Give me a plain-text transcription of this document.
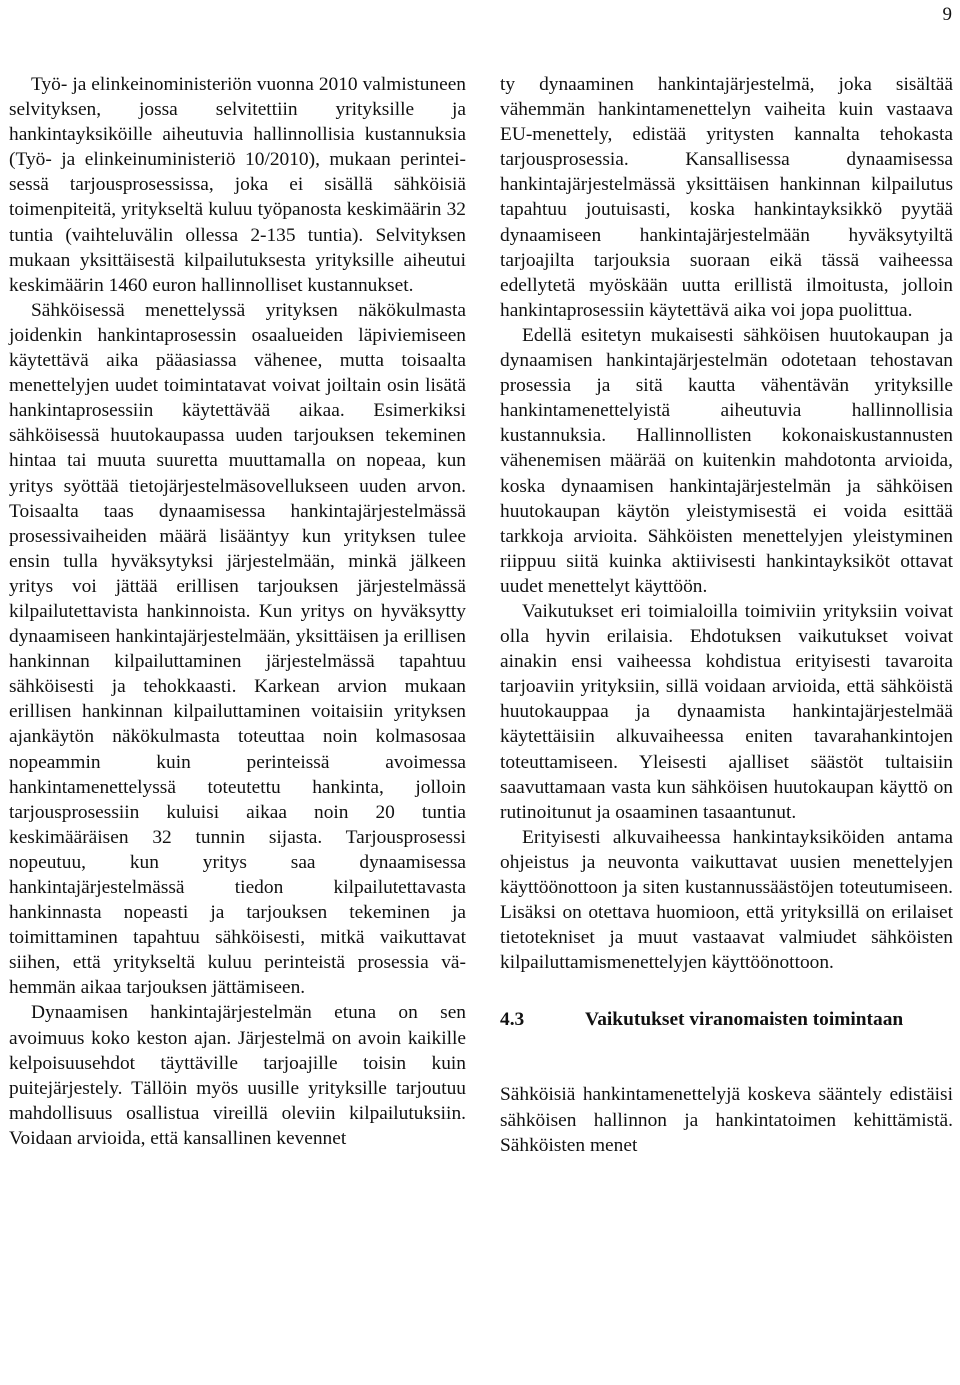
9

Työ- ja elinkeinoministeriön vuonna 2010 valmistuneen selvityksen, jossa selvitettiin yrityksille ja hankintayksiköille aiheutuvia hallinnollisia kustannuksia (Työ- ja elinkeinuministeriö 10/2010), mukaan perinteisessä tarjousprosessissa, joka ei sisällä sähköisiä toimenpiteitä, yritykseltä kuluu työpanosta keskimäärin 32 tuntia (vaihteluvälin ollessa 2-135 tuntia). Selvityksen mukaan yksittäisestä kilpailutuksesta yrityksille aiheutui keskimäärin 1460 euron hallinnolliset kustannukset.

Sähköisessä menettelyssä yrityksen näkökulmasta joidenkin hankintaprosessin osaalueiden läpiviemiseen käytettävä aika pääasiassa vähenee, mutta toisaalta menettelyjen uudet toimintatavat voivat joiltain osin lisätä hankintaprosessiin käytettävää aikaa. Esimerkiksi sähköisessä huutokaupassa uuden tarjouksen tekeminen hintaa tai muuta suuretta muuttamalla on nopeaa, kun yritys syöttää tietojärjestelmäsovellukseen uuden arvon. Toisaalta taas dynaamisessa hankintajärjestelmässä prosessivaiheiden määrä lisääntyy kun yrityksen tulee ensin tulla hyväksytyksi järjestelmään, minkä jälkeen yritys voi jättää erillisen tarjouksen järjestelmässä kilpailutettavista hankinnoista. Kun yritys on hyväksytty dynaamiseen hankintajärjestelmään, yksittäisen ja erillisen hankinnan kilpailuttaminen järjestelmässä tapahtuu sähköisesti ja tehokkaasti. Karkean arvion mukaan erillisen hankinnan kilpailuttaminen voitaisiin yrityksen ajankäytön näkökulmasta toteuttaa noin kolmasosaa nopeammin kuin perinteissä avoimessa hankintamenettelyssä toteutettu hankinta, jolloin tarjousprosessiin kuluisi aikaa noin 20 tuntia keskimääräisen 32 tunnin sijasta. Tarjousprosessi nopeutuu, kun yritys saa dynaamisessa hankintajärjestelmässä tiedon kilpailutettavasta hankinnasta nopeasti ja tarjouksen tekeminen ja toimittaminen tapahtuu sähköisesti, mitkä vaikuttavat siihen, että yritykseltä kuluu perinteistä prosessia vähemmän aikaa tarjouksen jättämiseen.

Dynaamisen hankintajärjestelmän etuna on sen avoimuus koko keston ajan. Järjestelmä on avoin kaikille kelpoisuusehdot täyttäville tarjoajille toisin kuin puitejärjestely. Tällöin myös uusille yrityksille tarjoutuu mahdollisuus osallistua vireillä oleviin kilpailutuksiin. Voidaan arvioida, että kansallinen kevennet

ty dynaaminen hankintajärjestelmä, joka sisältää vähemmän hankintamenettelyn vaiheita kuin vastaava EU-menettely, edistää yritysten kannalta tehokasta tarjousprosessia. Kansallisessa dynaamisessa hankintajärjestelmässä yksittäisen hankinnan kilpailutus tapahtuu joutuisasti, koska hankintayksikkö pyytää dynaamiseen hankintajärjestelmään hyväksytyiltä tarjoajilta tarjouksia suoraan eikä tässä vaiheessa edellytetä myöskään uutta erillistä ilmoitusta, jolloin hankintaprosessiin käytettävä aika voi jopa puolittua.

Edellä esitetyn mukaisesti sähköisen huutokaupan ja dynaamisen hankintajärjestelmän odotetaan tehostavan prosessia ja sitä kautta vähentävän yrityksille hankintamenettelyistä aiheutuvia hallinnollisia kustannuksia. Hallinnollisten kokonaiskustannusten vähenemisen määrää on kuitenkin mahdotonta arvioida, koska dynaamisen hankintajärjestelmän ja sähköisen huutokaupan käytön yleistymisestä ei voida esittää tarkkoja arvioita. Sähköisten menettelyjen yleistyminen riippuu siitä kuinka aktiivisesti hankintayksiköt ottavat uudet menettelyt käyttöön.

Vaikutukset eri toimialoilla toimiviin yrityksiin voivat olla hyvin erilaisia. Ehdotuksen vaikutukset voivat ainakin ensi vaiheessa kohdistua erityisesti tavaroita tarjoaviin yrityksiin, sillä voidaan arvioida, että sähköistä huutokauppaa ja dynaamista hankintajärjestelmää käytettäisiin alkuvaiheessa eniten tavarahankintojen toteuttamiseen. Yleisesti ajalliset säästöt tultaisiin saavuttamaan vasta kun sähköisen huutokaupan käyttö on rutinoitunut ja osaaminen tasaantunut.

Erityisesti alkuvaiheessa hankintayksiköiden antama ohjeistus ja neuvonta vaikuttavat uusien menettelyjen käyttöönottoon ja siten kustannussäästöjen toteutumiseen. Lisäksi on otettava huomioon, että yrityksillä on erilaiset tietotekniset ja muut vastaavat valmiudet sähköisten kilpailuttamismenettelyjen käyttöönottoon.

4.3	Vaikutukset viranomaisten toimintaan

Sähköisiä hankintamenettelyjä koskeva sääntely edistäisi sähköisen hallinnon ja hankintatoimen kehittämistä. Sähköisten menet
